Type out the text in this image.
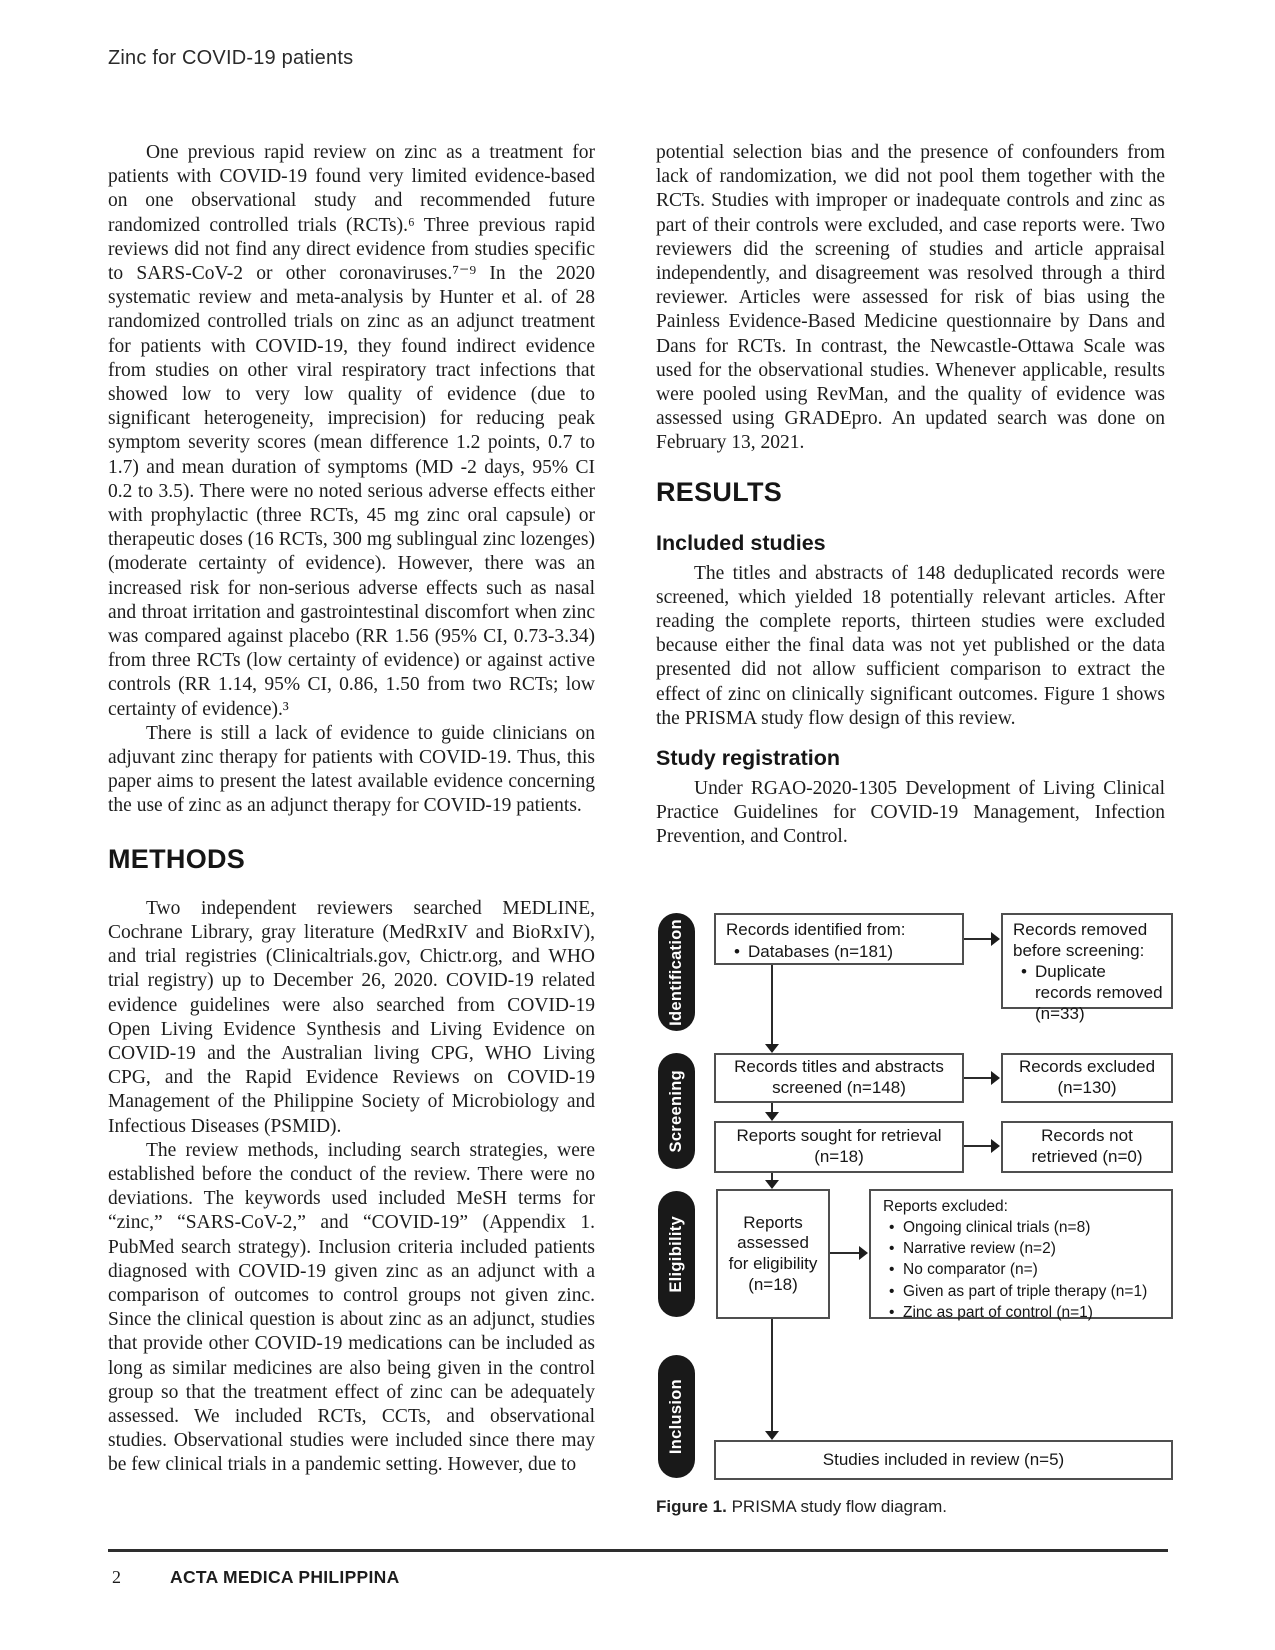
Zinc for COVID-19 patients

One previous rapid review on zinc as a treatment for patients with COVID-19 found very limited evidence-based on one observational study and recommended future randomized controlled trials (RCTs).⁶ Three previous rapid reviews did not find any direct evidence from studies specific to SARS-CoV-2 or other coronaviruses.⁷⁻⁹ In the 2020 systematic review and meta-analysis by Hunter et al. of 28 randomized controlled trials on zinc as an adjunct treatment for patients with COVID-19, they found indirect evidence from studies on other viral respiratory tract infections that showed low to very low quality of evidence (due to significant heterogeneity, imprecision) for reducing peak symptom severity scores (mean difference 1.2 points, 0.7 to 1.7) and mean duration of symptoms (MD -2 days, 95% CI 0.2 to 3.5). There were no noted serious adverse effects either with prophylactic (three RCTs, 45 mg zinc oral capsule) or therapeutic doses (16 RCTs, 300 mg sublingual zinc lozenges) (moderate certainty of evidence). However, there was an increased risk for non-serious adverse effects such as nasal and throat irritation and gastrointestinal discomfort when zinc was compared against placebo (RR 1.56 (95% CI, 0.73-3.34) from three RCTs (low certainty of evidence) or against active controls (RR 1.14, 95% CI, 0.86, 1.50 from two RCTs; low certainty of evidence).³

There is still a lack of evidence to guide clinicians on adjuvant zinc therapy for patients with COVID-19. Thus, this paper aims to present the latest available evidence concerning the use of zinc as an adjunct therapy for COVID-19 patients.

METHODS

Two independent reviewers searched MEDLINE, Cochrane Library, gray literature (MedRxIV and BioRxIV), and trial registries (Clinicaltrials.gov, Chictr.org, and WHO trial registry) up to December 26, 2020. COVID-19 related evidence guidelines were also searched from COVID-19 Open Living Evidence Synthesis and Living Evidence on COVID-19 and the Australian living CPG, WHO Living CPG, and the Rapid Evidence Reviews on COVID-19 Management of the Philippine Society of Microbiology and Infectious Diseases (PSMID).

The review methods, including search strategies, were established before the conduct of the review. There were no deviations. The keywords used included MeSH terms for “zinc,” “SARS-CoV-2,” and “COVID-19” (Appendix 1. PubMed search strategy). Inclusion criteria included patients diagnosed with COVID-19 given zinc as an adjunct with a comparison of outcomes to control groups not given zinc. Since the clinical question is about zinc as an adjunct, studies that provide other COVID-19 medications can be included as long as similar medicines are also being given in the control group so that the treatment effect of zinc can be adequately assessed. We included RCTs, CCTs, and observational studies. Observational studies were included since there may be few clinical trials in a pandemic setting. However, due to

potential selection bias and the presence of confounders from lack of randomization, we did not pool them together with the RCTs. Studies with improper or inadequate controls and zinc as part of their controls were excluded, and case reports were. Two reviewers did the screening of studies and article appraisal independently, and disagreement was resolved through a third reviewer. Articles were assessed for risk of bias using the Painless Evidence-Based Medicine questionnaire by Dans and Dans for RCTs. In contrast, the Newcastle-Ottawa Scale was used for the observational studies. Whenever applicable, results were pooled using RevMan, and the quality of evidence was assessed using GRADEpro. An updated search was done on February 13, 2021.

RESULTS
Included studies

The titles and abstracts of 148 deduplicated records were screened, which yielded 18 potentially relevant articles. After reading the complete reports, thirteen studies were excluded because either the final data was not yet published or the data presented did not allow sufficient comparison to extract the effect of zinc on clinically significant outcomes. Figure 1 shows the PRISMA study flow design of this review.

Study registration

Under RGAO-2020-1305 Development of Living Clinical Practice Guidelines for COVID-19 Management, Infection Prevention, and Control.

Identification
Screening
Eligibility
Inclusion
Records identified from:
• Databases (n=181)
Records removed before screening:
• Duplicate records removed (n=33)
Records titles and abstracts screened (n=148)
Records excluded (n=130)
Reports sought for retrieval (n=18)
Records not retrieved (n=0)
Reports assessed for eligibility (n=18)
Reports excluded:
• Ongoing clinical trials (n=8)
• Narrative review (n=2)
• No comparator (n=)
• Given as part of triple therapy (n=1)
• Zinc as part of control (n=1)
Studies included in review (n=5)
Figure 1. PRISMA study flow diagram.
2	ACTA MEDICA PHILIPPINA
